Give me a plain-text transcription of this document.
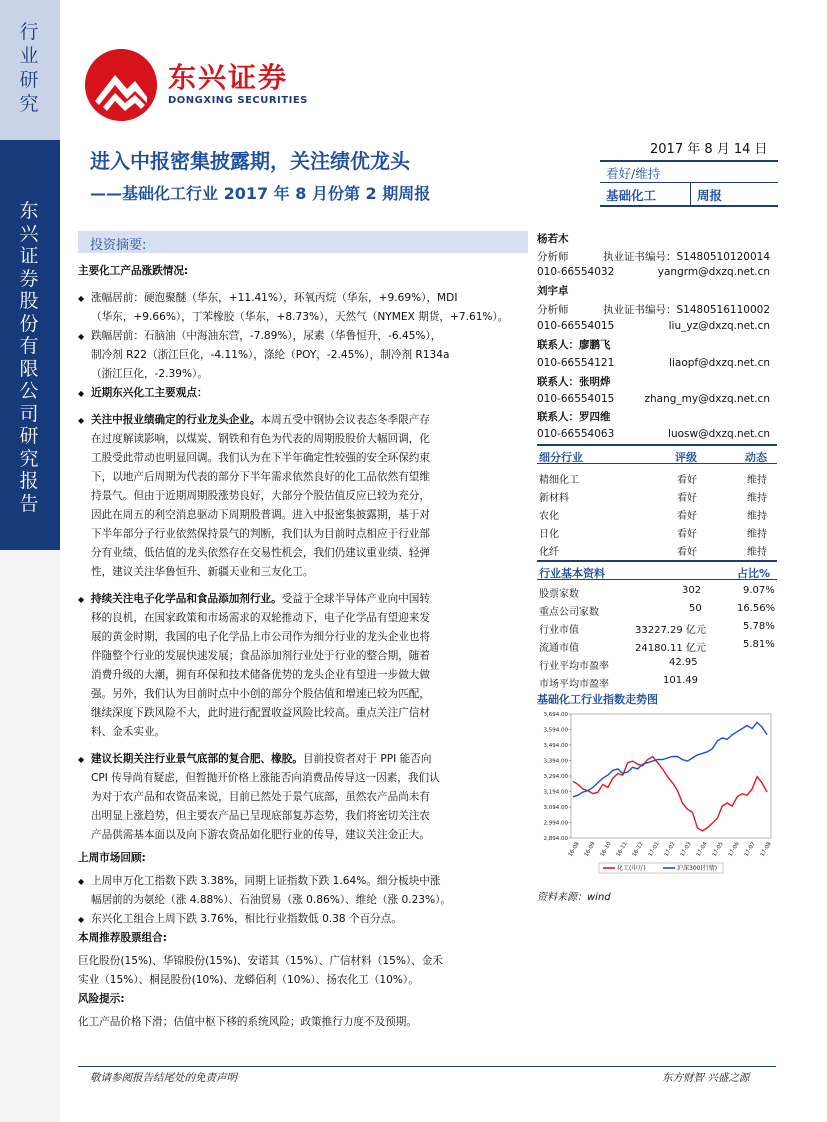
行业研究
东兴证券股份有限公司研究报告
东兴证券
DONGXING SECURITIES
进入中报密集披露期，关注绩优龙头
——基础化工行业 2017 年 8 月份第 2 期周报
2017 年 8 月 14 日
看好/维持
基础化工	周报
投资摘要:

主要化工产品涨跌情况:

◆ 涨幅居前：硬泡聚醚（华东，+11.41%），环氧丙烷（华东，+9.69%），MDI

（华东，+9.66%），丁苯橡胶（华东，+8.73%），天然气（NYMEX 期货，+7.61%）。

◆ 跌幅居前：石脑油（中海油东营，-7.89%），尿素（华鲁恒升，-6.45%），

制冷剂 R22（浙江巨化，-4.11%），涤纶（POY，-2.45%），制冷剂 R134a

（浙江巨化，-2.39%）。

◆ 近期东兴化工主要观点：

◆ 关注中报业绩确定的行业龙头企业。本周五受中钢协会议表态冬季限产存

在过度解读影响，以煤炭、钢铁和有色为代表的周期股股价大幅回调，化

工股受此带动也明显回调。我们认为在下半年确定性较强的安全环保约束

下，以地产后周期为代表的部分下半年需求依然良好的化工品依然有望维

持景气。但由于近期周期股涨势良好，大部分个股估值反应已较为充分，

因此在周五的利空消息驱动下周期股普调。进入中报密集披露期，基于对

下半年部分子行业依然保持景气的判断，我们认为目前时点相应于行业部

分有业绩、低估值的龙头依然存在交易性机会，我们仍建议重业绩、轻弹

性，建议关注华鲁恒升、新疆天业和三友化工。

◆ 持续关注电子化学品和食品添加剂行业。受益于全球半导体产业向中国转

移的良机，在国家政策和市场需求的双轮推动下，电子化学品有望迎来发

展的黄金时期，我国的电子化学品上市公司作为细分行业的龙头企业也将

伴随整个行业的发展快速发展；食品添加剂行业处于行业的整合期，随着

消费升级的大潮，拥有环保和技术储备优势的龙头企业有望进一步做大做

强。另外，我们认为目前时点中小创的部分个股估值和增速已较为匹配，

继续深度下跌风险不大，此时进行配置收益风险比较高。重点关注广信材

料、金禾实业。

◆ 建议长期关注行业景气底部的复合肥、橡胶。目前投资者对于 PPI 能否向

CPI 传导尚有疑虑，但暂抛开价格上涨能否向消费品传导这一因素，我们认

为对于农产品和农资品来说，目前已然处于景气底部，虽然农产品尚未有

出明显上涨趋势，但主要农产品已呈现底部复苏态势，我们将密切关注农

产品供需基本面以及向下游农资品如化肥行业的传导，建议关注金正大。

上周市场回顾:

◆ 上周申万化工指数下跌 3.38%，同期上证指数下跌 1.64%。细分板块中涨

幅居前的为氨纶（涨 4.88%）、石油贸易（涨 0.86%）、维纶（涨 0.23%）。

◆ 东兴化工组合上周下跌 3.76%，相比行业指数低 0.38 个百分点。

本周推荐股票组合:

巨化股份(15%)、华锦股份(15%)、安诺其（15%）、广信材料（15%）、金禾

实业（15%）、桐昆股份(10%)、龙蟒佰利（10%）、扬农化工（10%）。

风险提示:

化工产品价格下滑；估值中枢下移的系统风险；政策推行力度不及预期。

杨若木
分析师	执业证书编号：S1480510120014
010-66554032	yangrm@dxzq.net.cn
刘宇卓
分析师	执业证书编号：S1480516110002
010-66554015	liu_yz@dxzq.net.cn
联系人：廖鹏飞
010-66554121	liaopf@dxzq.net.cn
联系人：张明烨
010-66554015	zhang_my@dxzq.net.cn
联系人：罗四维
010-66554063	luosw@dxzq.net.cn
细分行业	评级	动态
精细化工	看好	维持
新材料	看好	维持
农化	看好	维持
日化	看好	维持
化纤	看好	维持
行业基本资料	占比%
股票家数	302	9.07%
重点公司家数	50	16.56%
行业市值	33227.29 亿元	5.78%
流通市值	24180.11 亿元	5.81%
行业平均市盈率	42.95
市场平均市盈率	101.49
基础化工行业指数走势图
3,694.00
3,594.00
3,494.00
3,394.00
3,294.00
3,194.00
3,094.00
2,994.00
2,894.00
16-08 16-09 16-10 16-11 16-12 17-01 17-02 17-03 17-04 17-05 17-06 17-07 17-08
化工(申万)	沪深300(行情)
资料来源：wind
敬请参阅报告结尾处的免责声明	东方财智 兴盛之源
